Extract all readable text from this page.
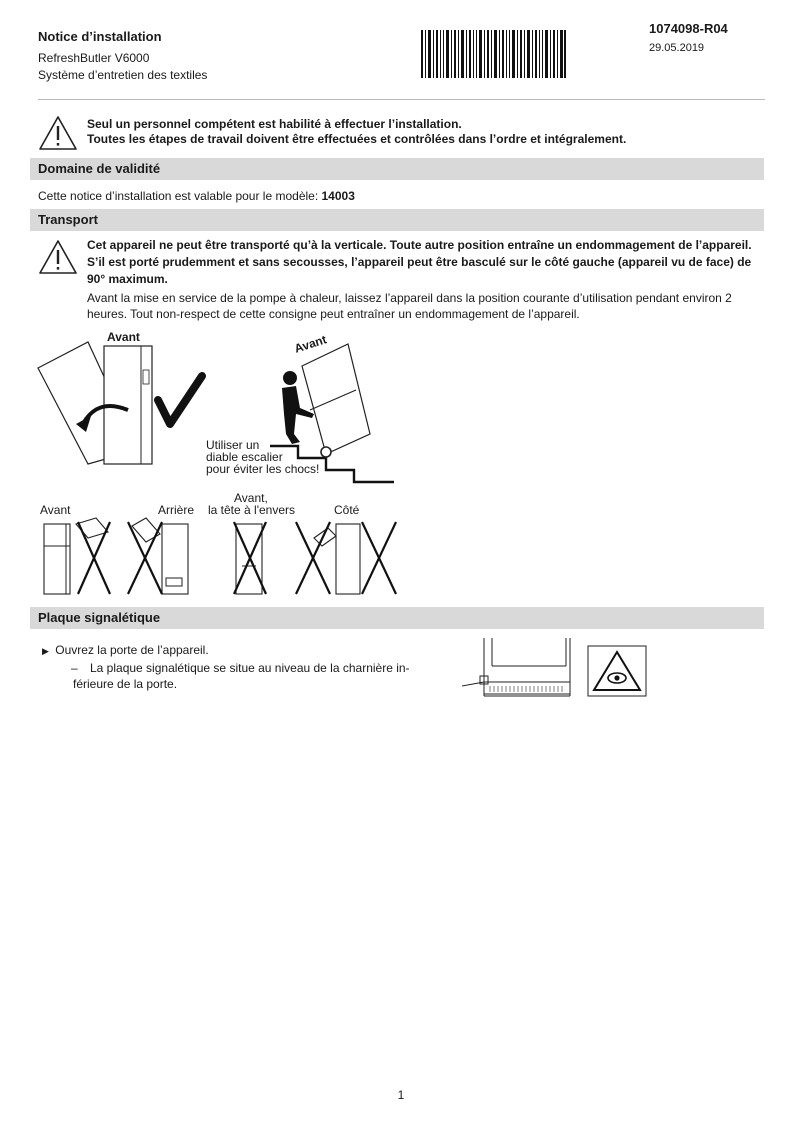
Notice d’installation
RefreshButler V6000
Système d’entretien des textiles
1074098-R04
29.05.2019
Seul un personnel compétent est habilité à effectuer l’installation.
Toutes les étapes de travail doivent être effectuées et contrôlées dans l’ordre et intégralement.
Domaine de validité
Cette notice d’installation est valable pour le modèle: 14003
Transport
Cet appareil ne peut être transporté qu’à la verticale. Toute autre position entraîne un endommagement de l’appareil.
S’il est porté prudemment et sans secousses, l’appareil peut être basculé sur le côté gauche (appareil vu de face) de
90° maximum.
Avant la mise en service de la pompe à chaleur, laissez l’appareil dans la position courante d’utilisation pendant environ 2
heures. Tout non-respect de cette consigne peut entraîner un endommagement de l’appareil.
Avant	Avant
Utiliser un
diable escalier
pour éviter les chocs!
Avant	Arrière
Avant,
la tête à l'envers	Côté
Plaque signalétique
▶ Ouvrez la porte de l’appareil.
– La plaque signalétique se situe au niveau de la charnière in-
férieure de la porte.
1
